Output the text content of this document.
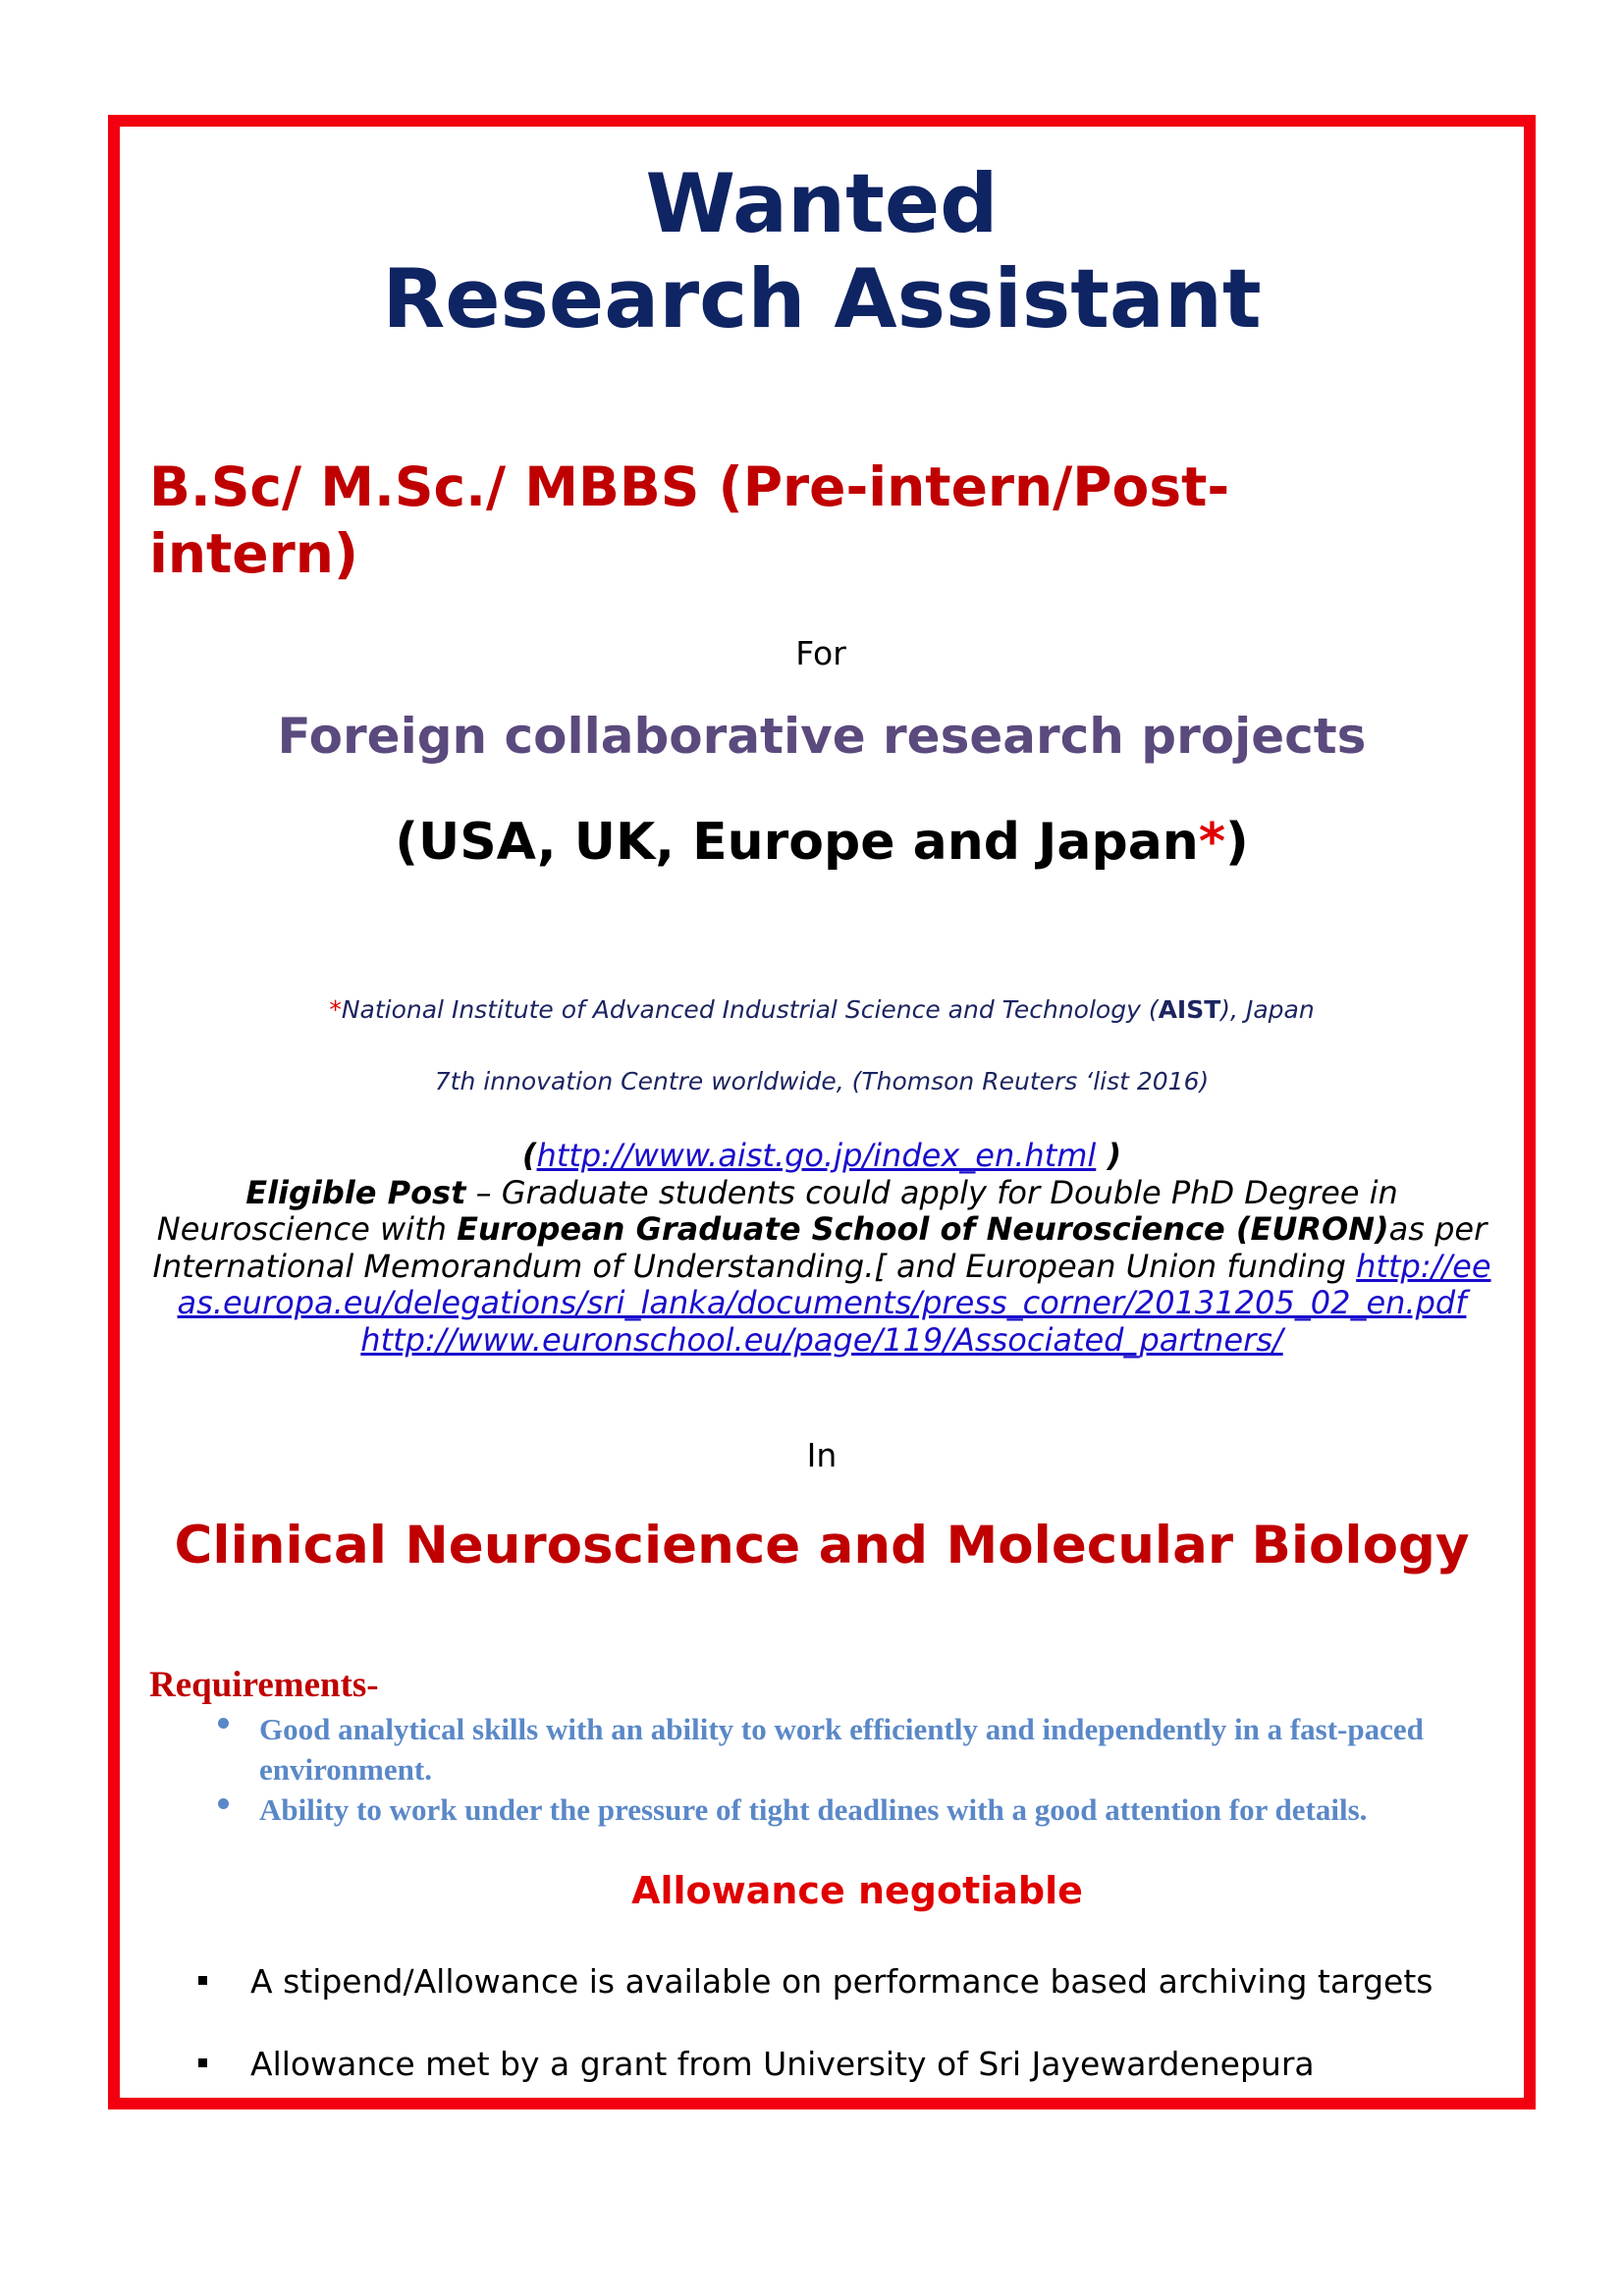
Wanted
Research Assistant
B.Sc/ M.Sc./ MBBS (Pre-intern/Post-intern)
For
Foreign collaborative research projects
(USA, UK, Europe and Japan*)
*National Institute of Advanced Industrial Science and Technology (AIST), Japan
7th innovation Centre worldwide, (Thomson Reuters ‘list 2016)
(http://www.aist.go.jp/index_en.html )
Eligible Post – Graduate students could apply for Double PhD Degree in Neuroscience with European Graduate School of Neuroscience (EURON)as per International Memorandum of Understanding.[ and European Union funding http://eeas.europa.eu/delegations/sri_lanka/documents/press_corner/20131205_02_en.pdf
http://www.euronschool.eu/page/119/Associated_partners/
In
Clinical Neuroscience and Molecular Biology
Requirements-
Good analytical skills with an ability to work efficiently and independently in a fast-paced environment.
Ability to work under the pressure of tight deadlines with a good attention for details.
Allowance negotiable
A stipend/Allowance is available on performance based archiving targets
Allowance met by a grant from University of Sri Jayewardenepura
